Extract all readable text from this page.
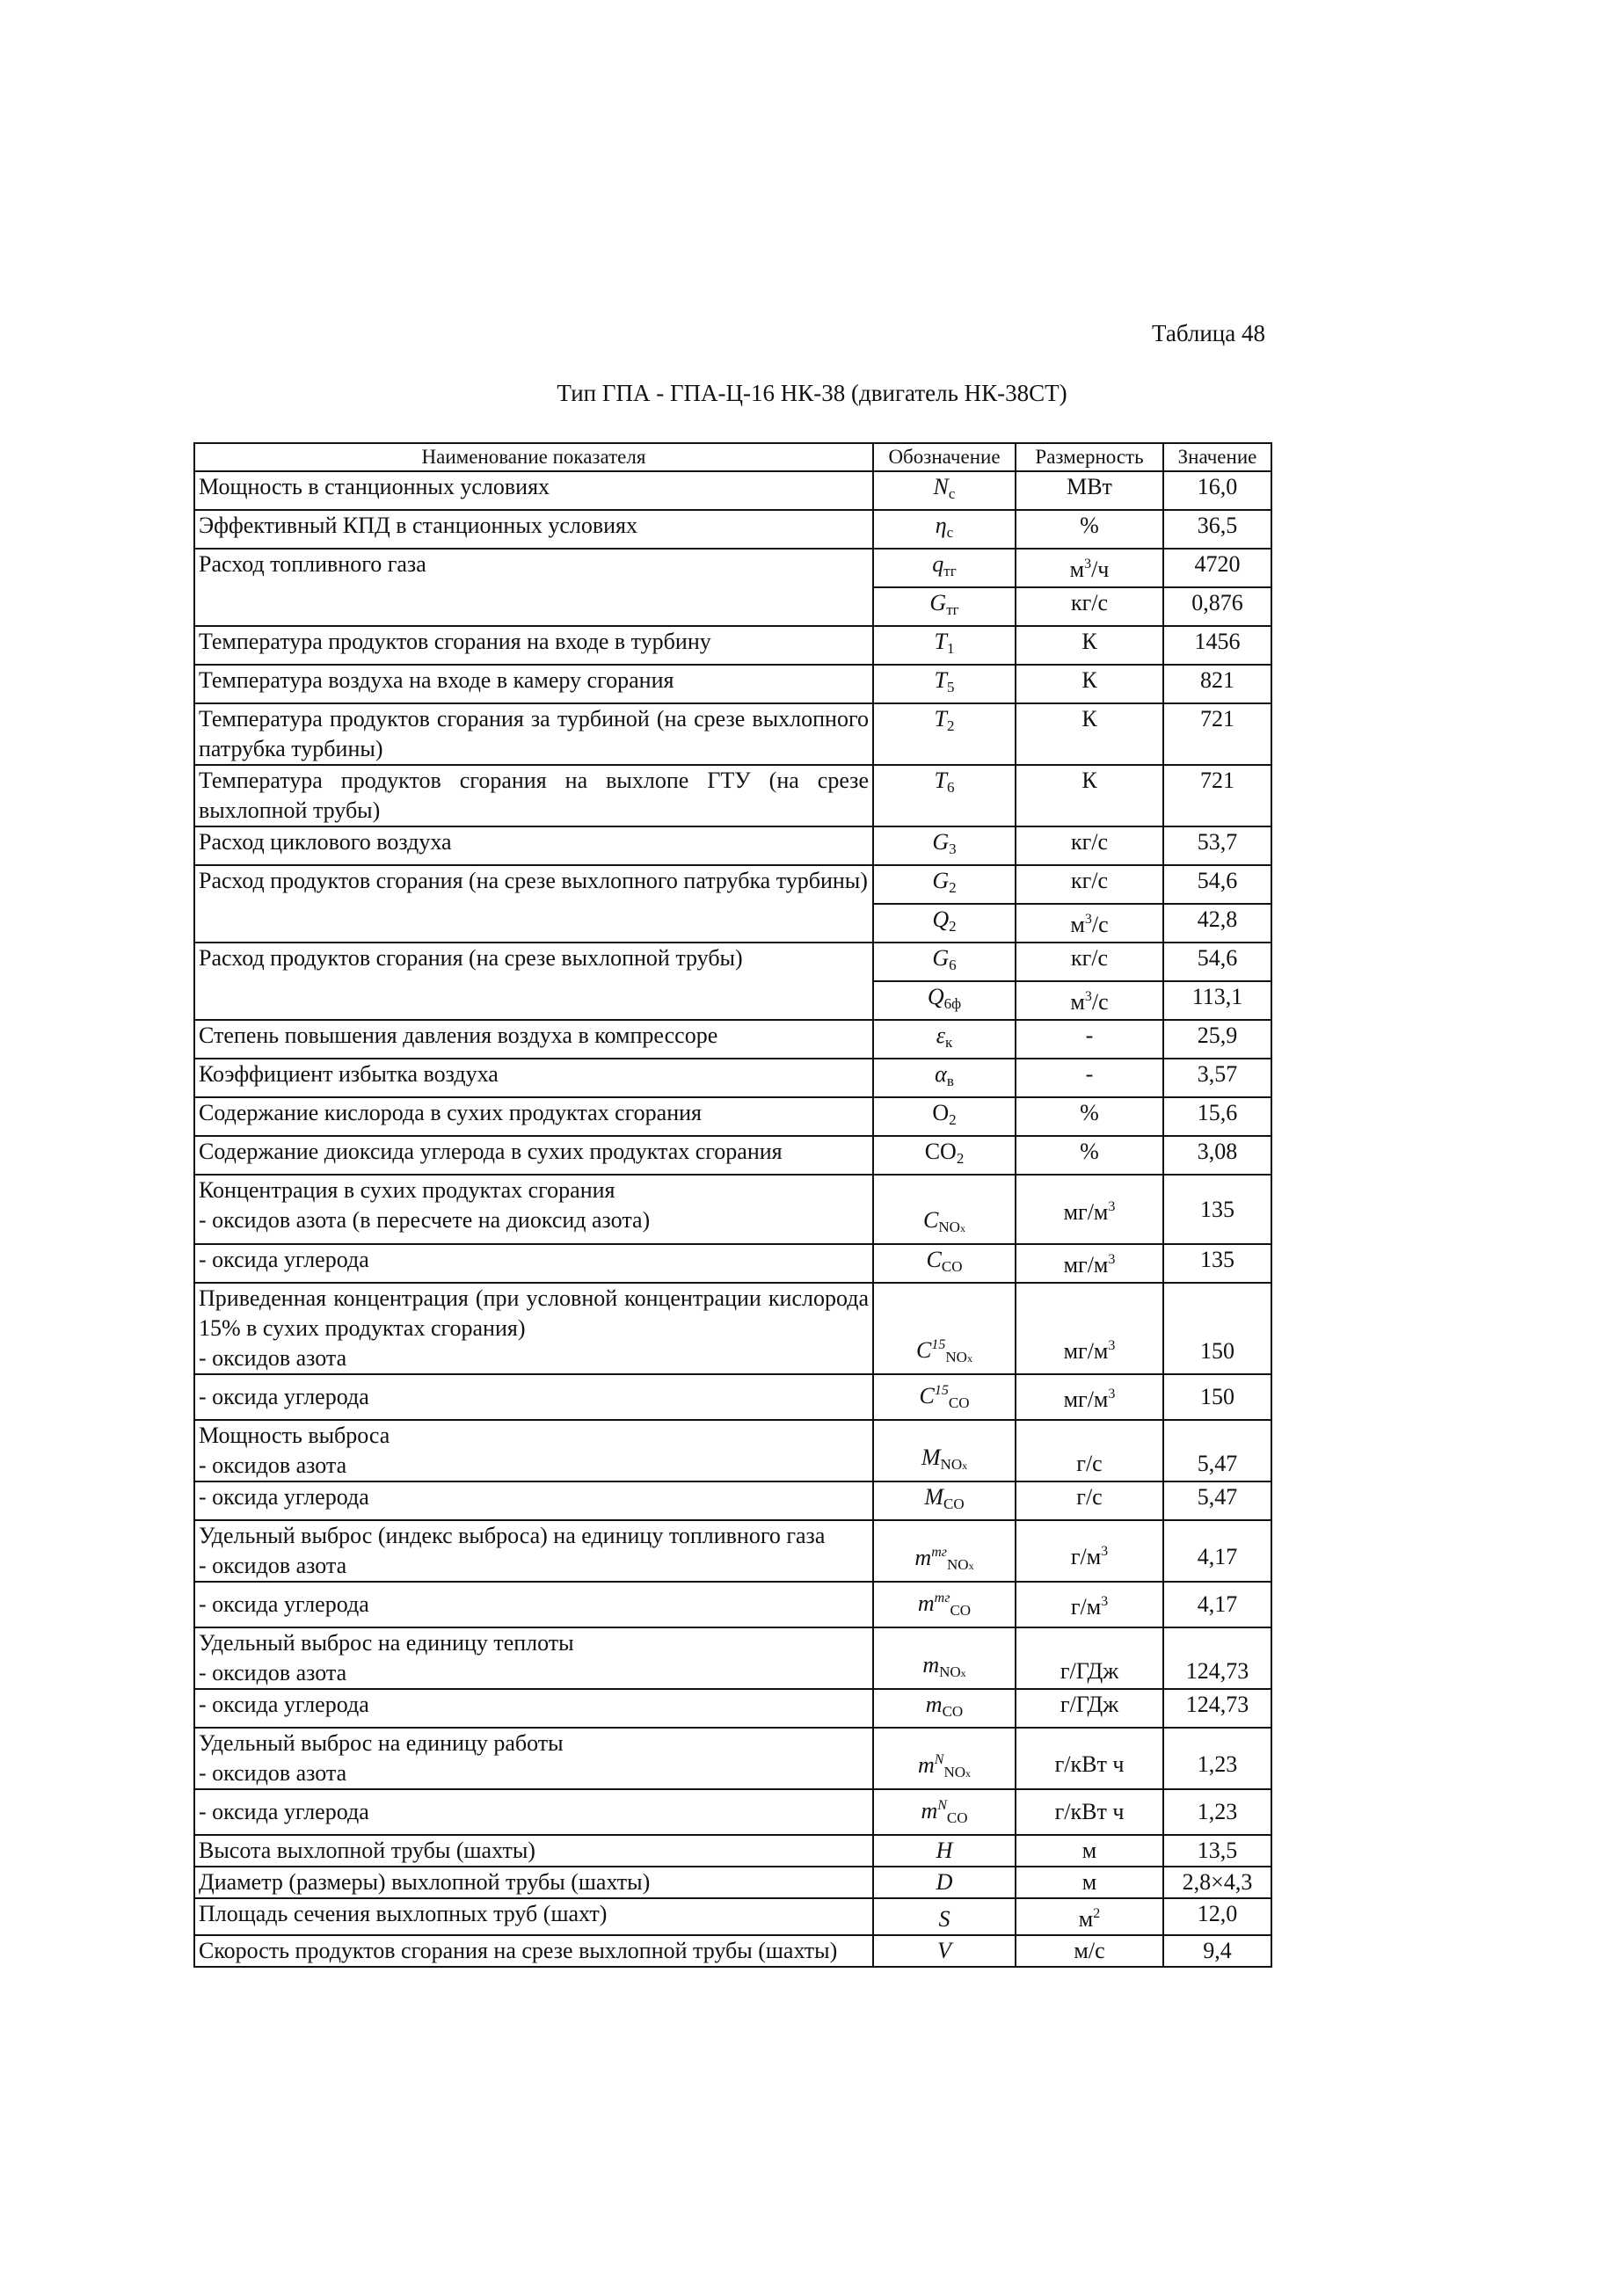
Таблица 48
Тип ГПА - ГПА-Ц-16 НК-38 (двигатель НК-38СТ)
Наименование показателя	Обозначение	Размерность	Значение
Мощность в станционных условиях	$N_c$	МВт	16,0
Эффективный КПД в станционных условиях	$\eta_c$	%	36,5
Расход топливного газа	$q_{тг}$	$м^3/ч$	4720
	$G_{тг}$	кг/с	0,876
Температура продуктов сгорания на входе в турбину	$T_1$	К	1456
Температура воздуха на входе в камеру сгорания	$T_5$	К	821
Температура продуктов сгорания за турбиной (на срезе выхлопного патрубка турбины)	$T_2$	К	721
Температура продуктов сгорания на выхлопе ГТУ (на срезе выхлопной трубы)	$T_6$	К	721
Расход циклового воздуха	$G_3$	кг/с	53,7
Расход продуктов сгорания (на срезе выхлопного патрубка турбины)	$G_2$	кг/с	54,6
	$Q_2$	$м^3/с$	42,8
Расход продуктов сгорания (на срезе выхлопной трубы)	$G_6$	кг/с	54,6
	$Q_{6ф}$	$м^3/с$	113,1
Степень повышения давления воздуха в компрессоре	$\varepsilon_к$	-	25,9
Коэффициент избытка воздуха	$\alpha_в$	-	3,57
Содержание кислорода в сухих продуктах сгорания	$O_2$	%	15,6
Содержание диоксида углерода в сухих продуктах сгорания	$CO_2$	%	3,08

Концентрация в сухих продуктах сгорания

- оксидов азота (в пересчете на диоксид азота)	$C_{NOx}$	$мг/м^3$	135
- оксида углерода	$C_{CO}$	$мг/м^3$	135

Приведенная концентрация (при условной концентрации кислорода 15% в сухих продуктах сгорания)

- оксидов азота	$C^{15}_{NOx}$	$мг/м^3$	150
- оксида углерода	$C^{15}_{CO}$	$мг/м^3$	150

Мощность выброса

- оксидов азота	$M_{NOx}$	г/с	5,47
- оксида углерода	$M_{CO}$	г/с	5,47

Удельный выброс (индекс выброса) на единицу топливного газа

- оксидов азота	$m^{тг}_{NOx}$	$г/м^3$	4,17
- оксида углерода	$m^{тг}_{CO}$	$г/м^3$	4,17

Удельный выброс на единицу теплоты

- оксидов азота	$m_{NOx}$	г/ГДж	124,73
- оксида углерода	$m_{CO}$	г/ГДж	124,73

Удельный выброс на единицу работы

- оксидов азота	$m^N_{NOx}$	г/кВт ч	1,23
- оксида углерода	$m^N_{CO}$	г/кВт ч	1,23
Высота выхлопной трубы (шахты)	H	м	13,5
Диаметр (размеры) выхлопной трубы (шахты)	D	м	2,8×4,3
Площадь сечения выхлопных труб (шахт)	S	$м^2$	12,0
Скорость продуктов сгорания на срезе выхлопной трубы (шахты)	V	м/с	9,4
